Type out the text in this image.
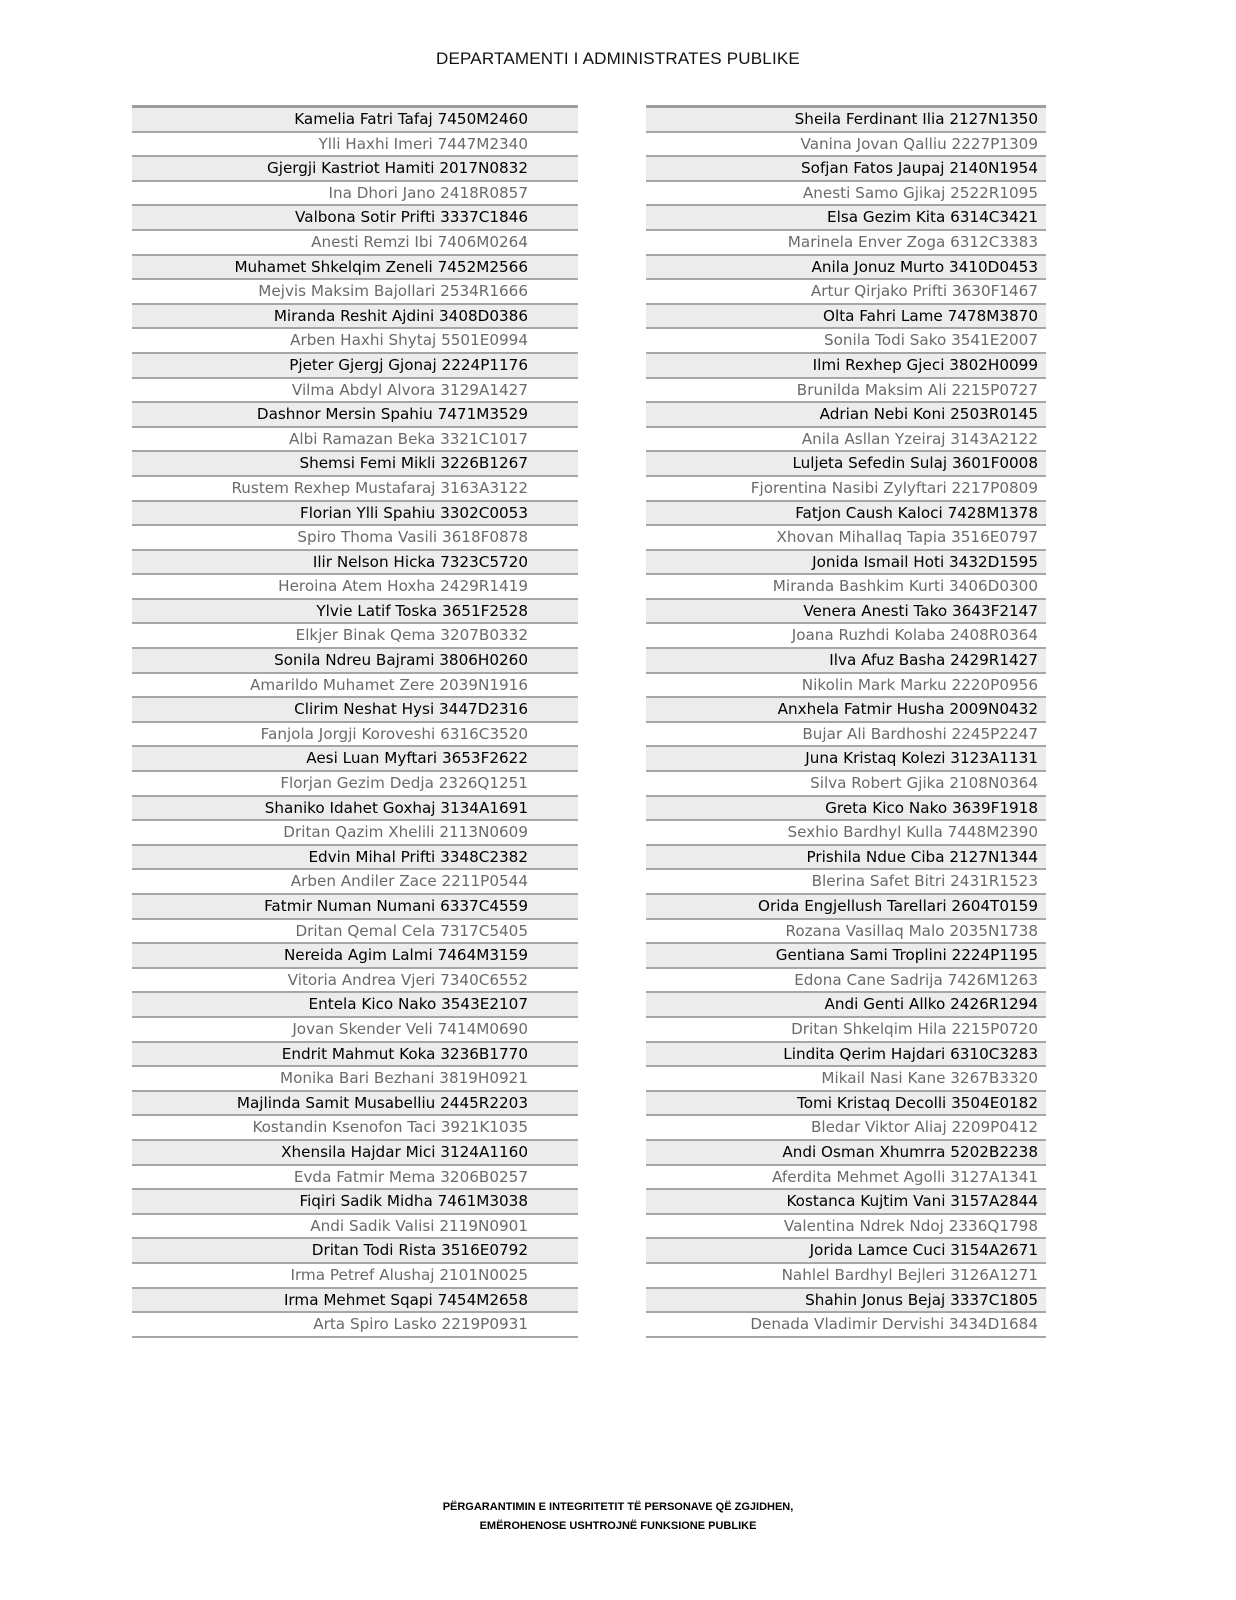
DEPARTAMENTI I ADMINISTRATES PUBLIKE
Kamelia Fatri Tafaj 7450M2460
Ylli Haxhi Imeri 7447M2340
Gjergji Kastriot Hamiti 2017N0832
Ina Dhori Jano 2418R0857
Valbona Sotir Prifti 3337C1846
Anesti Remzi Ibi 7406M0264
Muhamet Shkelqim Zeneli 7452M2566
Mejvis Maksim Bajollari 2534R1666
Miranda Reshit Ajdini 3408D0386
Arben Haxhi Shytaj 5501E0994
Pjeter Gjergj Gjonaj 2224P1176
Vilma Abdyl Alvora 3129A1427
Dashnor Mersin Spahiu 7471M3529
Albi Ramazan Beka 3321C1017
Shemsi Femi Mikli 3226B1267
Rustem Rexhep Mustafaraj 3163A3122
Florian Ylli Spahiu 3302C0053
Spiro Thoma Vasili 3618F0878
Ilir Nelson Hicka 7323C5720
Heroina Atem Hoxha 2429R1419
Ylvie Latif Toska 3651F2528
Elkjer Binak Qema 3207B0332
Sonila Ndreu Bajrami 3806H0260
Amarildo Muhamet Zere 2039N1916
Clirim Neshat Hysi 3447D2316
Fanjola Jorgji Koroveshi 6316C3520
Aesi Luan Myftari 3653F2622
Florjan Gezim Dedja 2326Q1251
Shaniko Idahet Goxhaj 3134A1691
Dritan Qazim Xhelili 2113N0609
Edvin Mihal Prifti 3348C2382
Arben Andiler Zace 2211P0544
Fatmir Numan Numani 6337C4559
Dritan Qemal Cela 7317C5405
Nereida Agim Lalmi 7464M3159
Vitoria Andrea Vjeri 7340C6552
Entela Kico Nako 3543E2107
Jovan Skender Veli 7414M0690
Endrit Mahmut Koka 3236B1770
Monika Bari Bezhani 3819H0921
Majlinda Samit Musabelliu 2445R2203
Kostandin Ksenofon Taci 3921K1035
Xhensila Hajdar Mici 3124A1160
Evda Fatmir Mema 3206B0257
Fiqiri Sadik Midha 7461M3038
Andi Sadik Valisi 2119N0901
Dritan Todi Rista 3516E0792
Irma Petref Alushaj 2101N0025
Irma Mehmet Sqapi 7454M2658
Arta Spiro Lasko 2219P0931
Sheila Ferdinant Ilia 2127N1350
Vanina Jovan Qalliu 2227P1309
Sofjan Fatos Jaupaj 2140N1954
Anesti Samo Gjikaj 2522R1095
Elsa Gezim Kita 6314C3421
Marinela Enver Zoga 6312C3383
Anila Jonuz Murto 3410D0453
Artur Qirjako Prifti 3630F1467
Olta Fahri Lame 7478M3870
Sonila Todi Sako 3541E2007
Ilmi Rexhep Gjeci 3802H0099
Brunilda Maksim Ali 2215P0727
Adrian Nebi Koni 2503R0145
Anila Asllan Yzeiraj 3143A2122
Luljeta Sefedin Sulaj 3601F0008
Fjorentina Nasibi Zylyftari 2217P0809
Fatjon Caush Kaloci 7428M1378
Xhovan Mihallaq Tapia 3516E0797
Jonida Ismail Hoti 3432D1595
Miranda Bashkim Kurti 3406D0300
Venera Anesti Tako 3643F2147
Joana Ruzhdi Kolaba 2408R0364
Ilva Afuz Basha 2429R1427
Nikolin Mark Marku 2220P0956
Anxhela Fatmir Husha 2009N0432
Bujar Ali Bardhoshi 2245P2247
Juna Kristaq Kolezi 3123A1131
Silva Robert Gjika 2108N0364
Greta Kico Nako 3639F1918
Sexhio Bardhyl Kulla 7448M2390
Prishila Ndue Ciba 2127N1344
Blerina Safet Bitri 2431R1523
Orida Engjellush Tarellari 2604T0159
Rozana Vasillaq Malo 2035N1738
Gentiana Sami Troplini 2224P1195
Edona Cane Sadrija 7426M1263
Andi Genti Allko 2426R1294
Dritan Shkelqim Hila 2215P0720
Lindita Qerim Hajdari 6310C3283
Mikail Nasi Kane 3267B3320
Tomi Kristaq Decolli 3504E0182
Bledar Viktor Aliaj 2209P0412
Andi Osman Xhumrra 5202B2238
Aferdita Mehmet Agolli 3127A1341
Kostanca Kujtim Vani 3157A2844
Valentina Ndrek Ndoj 2336Q1798
Jorida Lamce Cuci 3154A2671
Nahlel Bardhyl Bejleri 3126A1271
Shahin Jonus Bejaj 3337C1805
Denada Vladimir Dervishi 3434D1684
PËRGARANTIMIN E INTEGRITETIT TË PERSONAVE QË ZGJIDHEN,
EMËROHENOSE USHTROJNË FUNKSIONE PUBLIKE
